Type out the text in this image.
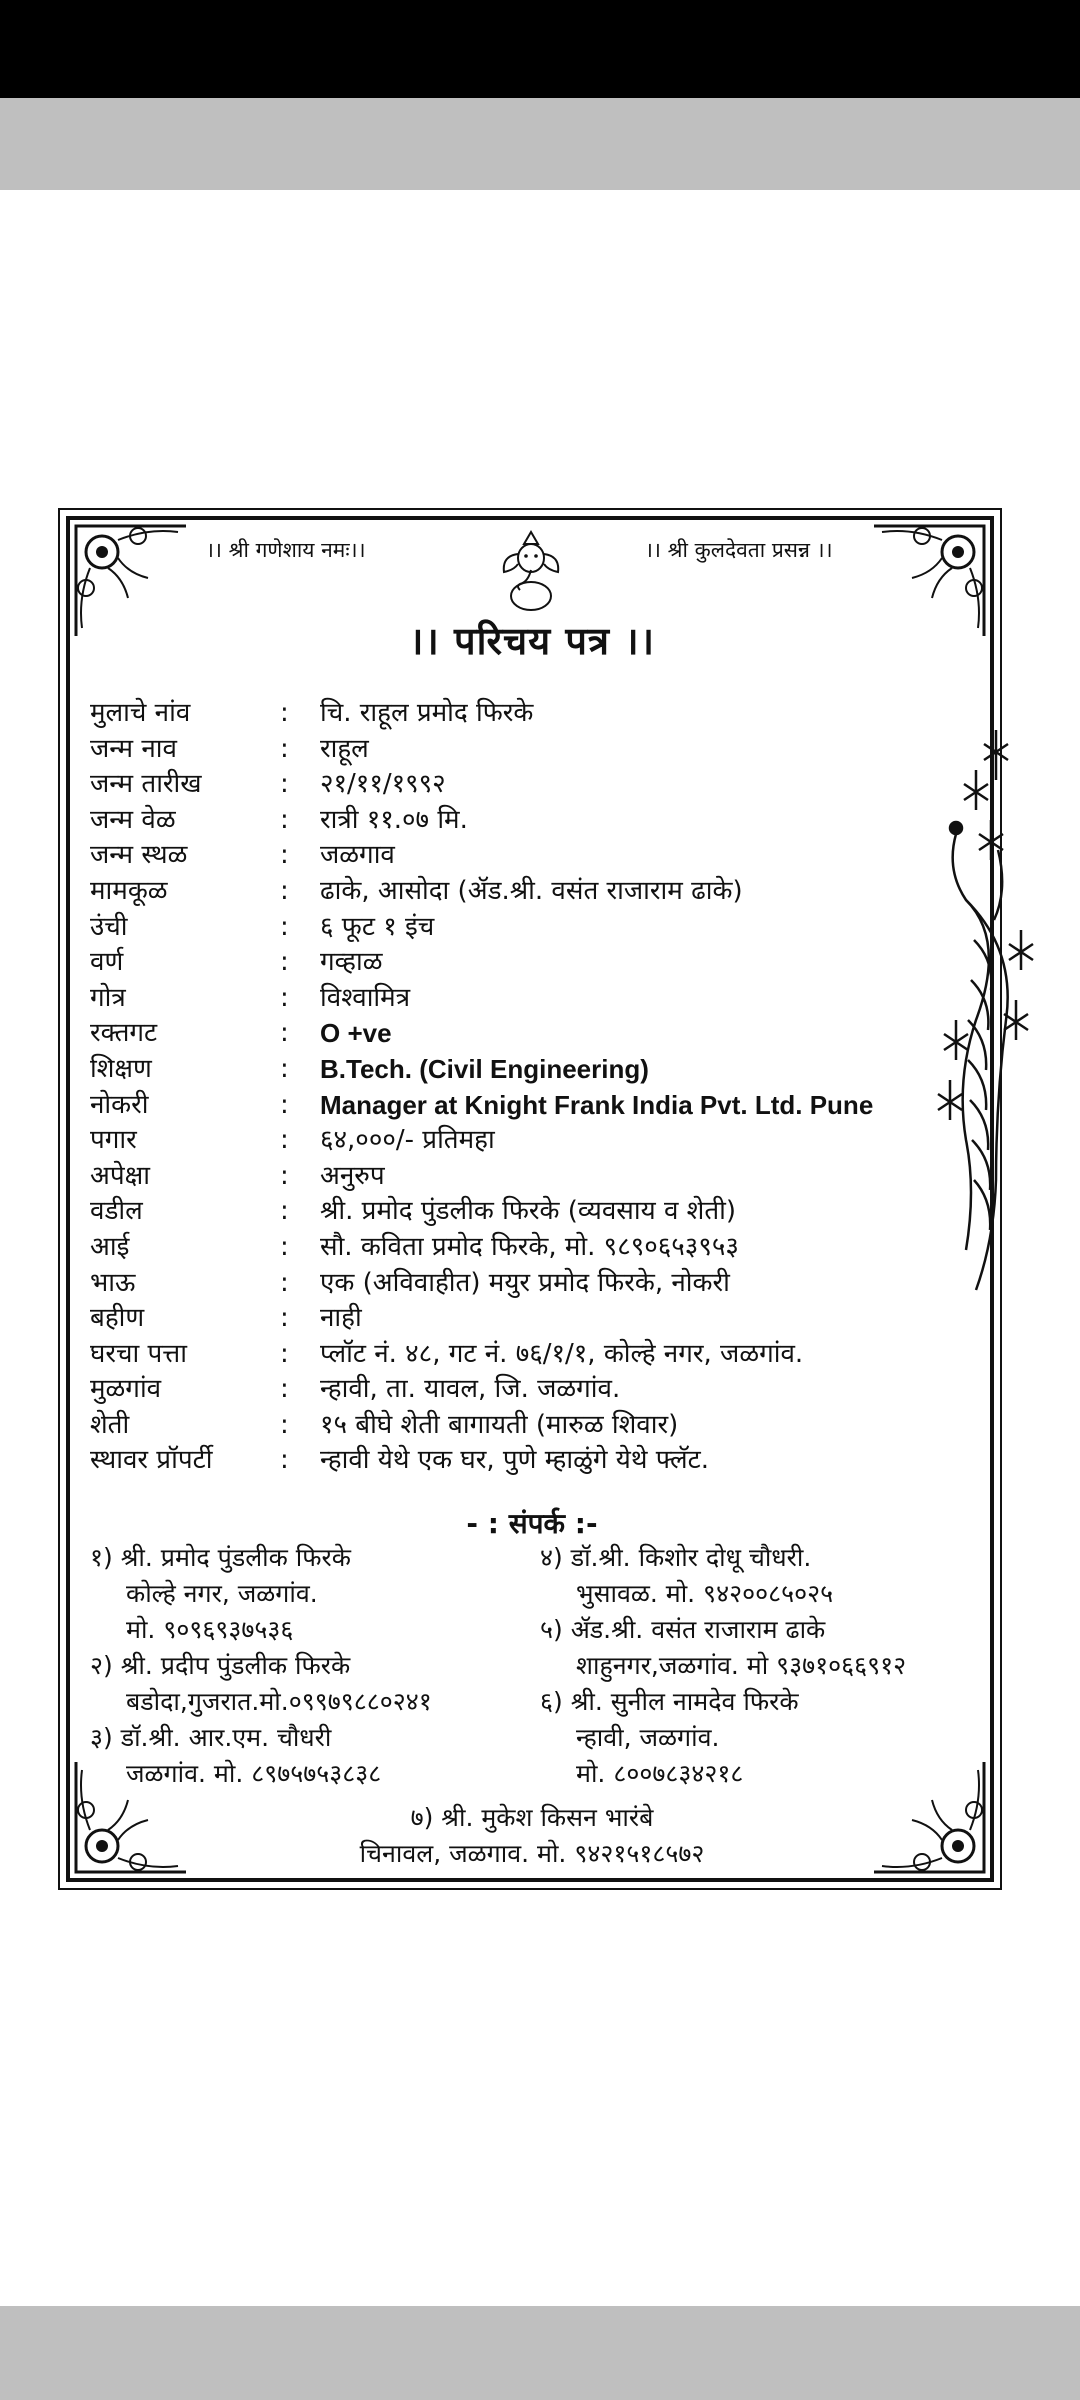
।। श्री गणेशाय नमः।।	।। श्री कुलदेवता प्रसन्न ।।
।। परिचय पत्र ।।
मुलाचे नांव	: चि. राहूल प्रमोद फिरके
जन्म नाव	: राहूल
जन्म तारीख	: २१/११/१९९२
जन्म वेळ	: रात्री ११.०७ मि.
जन्म स्थळ	: जळगाव
मामकूळ	: ढाके, आसोदा (ॲड.श्री. वसंत राजाराम ढाके)
उंची	: ६ फूट १ इंच
वर्ण	: गव्हाळ
गोत्र	: विश्वामित्र
रक्तगट	: O +ve
शिक्षण	: B.Tech. (Civil Engineering)
नोकरी	: Manager at Knight Frank India Pvt. Ltd. Pune
पगार	: ६४,०००/- प्रतिमहा
अपेक्षा	: अनुरुप
वडील	: श्री. प्रमोद पुंडलीक फिरके (व्यवसाय व शेती)
आई	: सौ. कविता प्रमोद फिरके, मो. ९८९०६५३९५३
भाऊ	: एक (अविवाहीत) मयुर प्रमोद फिरके, नोकरी
बहीण	: नाही
घरचा पत्ता	: प्लॉट नं. ४८, गट नं. ७६/१/१, कोल्हे नगर, जळगांव.
मुळगांव	: न्हावी, ता. यावल, जि. जळगांव.
शेती	: १५ बीघे शेती बागायती (मारुळ शिवार)
स्थावर प्रॉपर्टी	: न्हावी येथे एक घर, पुणे म्हाळुंगे येथे फ्लॅट.
- : संपर्क :-
१) श्री. प्रमोद पुंडलीक फिरके
कोल्हे नगर, जळगांव.
मो. ९०९६९३७५३६
२) श्री. प्रदीप पुंडलीक फिरके
बडोदा,गुजरात.मो.०९९७९८८०२४१
३) डॉ.श्री. आर.एम. चौधरी
जळगांव. मो. ८९७५७५३८३८
४) डॉ.श्री. किशोर दोधू चौधरी.
भुसावळ. मो. ९४२००८५०२५
५) ॲड.श्री. वसंत राजाराम ढाके
शाहुनगर,जळगांव. मो ९३७१०६६९१२
६) श्री. सुनील नामदेव फिरके
न्हावी, जळगांव.
मो. ८००७८३४२१८
७) श्री. मुकेश किसन भारंबे
चिनावल, जळगाव. मो. ९४२१५१८५७२
